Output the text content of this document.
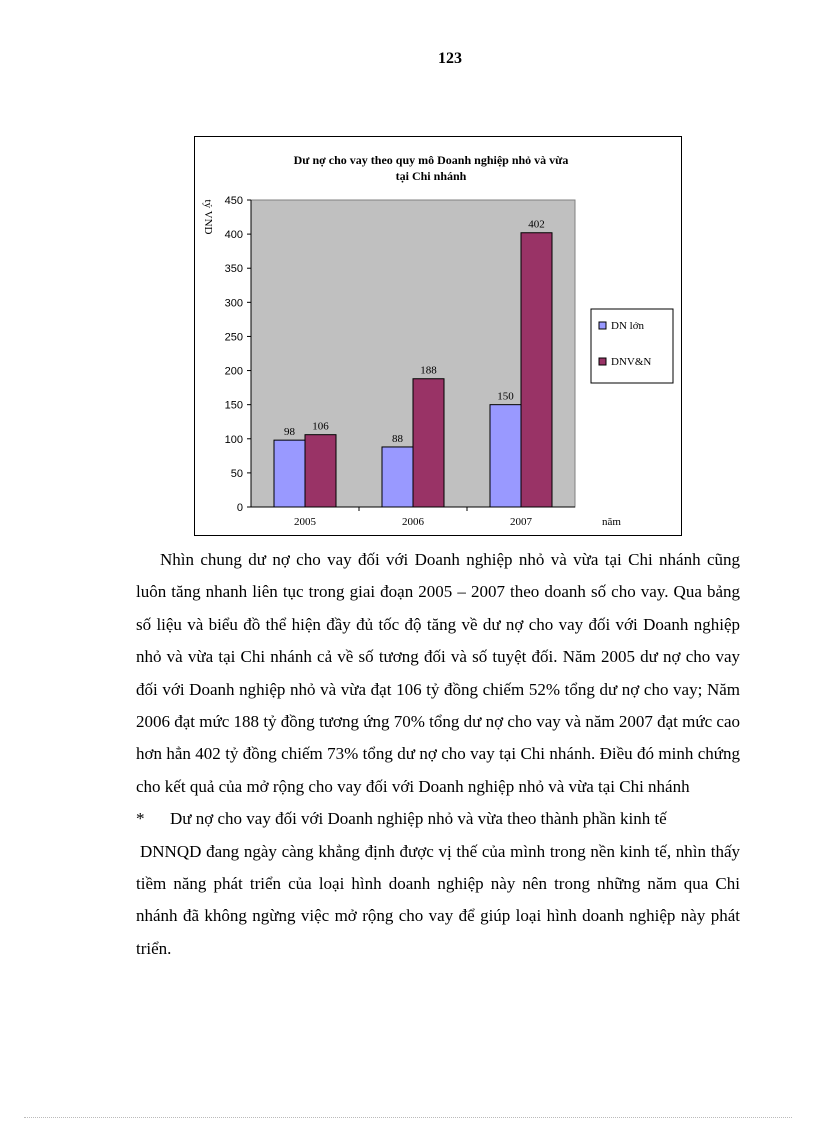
123
Dư nợ cho vay theo quy mô Doanh nghiệp nhỏ và vừa
tại Chi nhánh
tỷ VND
năm
0
50
100
150
200
250
300
350
400
450
2005
98 106
2006
88
188
2007
150
402
DN lớn
DNV&N

Nhìn chung dư nợ cho vay đối với Doanh nghiệp nhỏ và vừa tại Chi nhánh cũng luôn tăng nhanh liên tục trong giai đoạn 2005 – 2007 theo doanh số cho vay. Qua bảng số liệu và biểu đồ thể hiện đầy đủ tốc độ tăng về dư nợ cho vay đối với Doanh nghiệp nhỏ và vừa tại Chi nhánh cả về số tương đối và số tuyệt đối. Năm 2005 dư nợ cho vay đối với Doanh nghiệp nhỏ và vừa đạt 106 tỷ đồng chiếm 52% tổng dư nợ cho vay; Năm 2006 đạt mức 188 tỷ đồng tương ứng 70% tổng dư nợ cho vay và năm 2007 đạt mức cao hơn hẳn 402 tỷ đồng chiếm 73% tổng dư nợ cho vay tại Chi nhánh. Điều đó minh chứng cho kết quả của mở rộng cho vay đối với Doanh nghiệp nhỏ và vừa tại Chi nhánh

*	Dư nợ cho vay đối với Doanh nghiệp nhỏ và vừa theo thành phần kinh tế

DNNQD đang ngày càng khẳng định được vị thế của mình trong nền kinh tế, nhìn thấy tiềm năng phát triển của loại hình doanh nghiệp này nên trong những năm qua Chi nhánh đã không ngừng việc mở rộng cho vay để giúp loại hình doanh nghiệp này phát triển.
